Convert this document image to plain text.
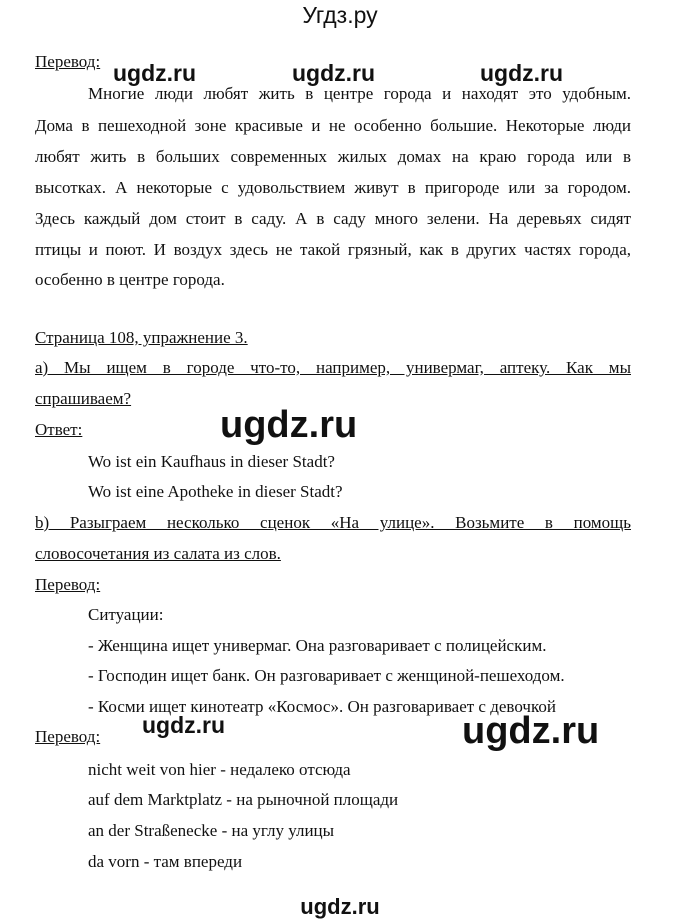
Угдз.ру
Перевод:
Многие люди любят жить в центре города и находят это удобным.
Дома в пешеходной зоне красивые и не особенно большие. Некоторые люди
любят жить в больших современных жилых домах на краю города или в
высотках. А некоторые с удовольствием живут в пригороде или за городом.
Здесь каждый дом стоит в саду. А в саду много зелени. На деревьях сидят
птицы и поют. И воздух здесь не такой грязный, как в других частях города,
особенно в центре города.
Страница 108, упражнение 3.
а) Мы ищем в городе что-то, например, универмаг, аптеку. Как мы
спрашиваем?
Ответ:
Wo ist ein Kaufhaus in dieser Stadt?
Wo ist eine Apotheke in dieser Stadt?
b) Разыграем несколько сценок «На улице». Возьмите в помощь
словосочетания из салата из слов.
Перевод:
Ситуации:
- Женщина ищет универмаг. Она разговаривает с полицейским.
- Господин ищет банк. Он разговаривает с женщиной-пешеходом.
- Косми ищет кинотеатр «Космос». Он разговаривает с девочкой
Перевод:
nicht weit von hier - недалеко отсюда
auf dem Marktplatz - на рыночной площади
an der Straßenecke - на углу улицы
da vorn - там впереди
ugdz.ru	ugdz.ru	ugdz.ru
ugdz.ru
ugdz.ru	ugdz.ru
ugdz.ru
